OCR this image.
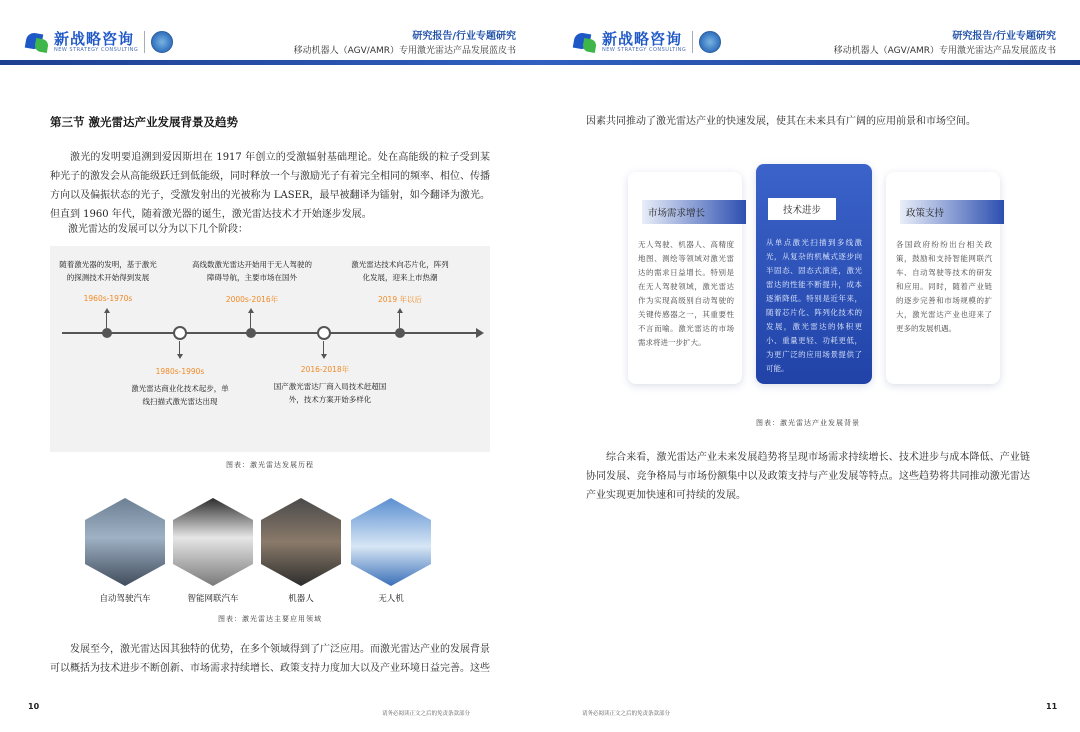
新战略咨询
NEW STRATEGY CONSULTING
研究报告/行业专题研究
移动机器人（AGV/AMR）专用激光雷达产品发展蓝皮书
新战略咨询
NEW STRATEGY CONSULTING
研究报告/行业专题研究
移动机器人（AGV/AMR）专用激光雷达产品发展蓝皮书
第三节 激光雷达产业发展背景及趋势
激光的发明要追溯到爱因斯坦在 1917 年创立的受激辐射基础理论。处在高能级的粒子受到某种光子的激发会从高能级跃迁到低能级，同时释放一个与激励光子有着完全相同的频率、相位、传播方向以及偏振状态的光子，受激发射出的光被称为 LASER，最早被翻译为镭射，如今翻译为激光。但直到 1960 年代，随着激光器的诞生，激光雷达技术才开始逐步发展。
激光雷达的发展可以分为以下几个阶段：
随着激光器的发明，基于激光的探测技术开始得到发展
1960s-1970s
1980s-1990s
激光雷达商业化技术起步，单线扫描式激光雷达出现
高线数激光雷达开始用于无人驾驶的障碍导航，主要市场在国外
2000s-2016年
2016-2018年
国产激光雷达厂商入局技术赶超国外，技术方案开始多样化
激光雷达技术向芯片化，阵列化发展，迎来上市热潮
2019 年以后
图表：激光雷达发展历程
自动驾驶汽车	智能网联汽车	机器人	无人机
图表：激光雷达主要应用领域
发展至今，激光雷达因其独特的优势，在多个领域得到了广泛应用。而激光雷达产业的发展背景可以概括为技术进步不断创新、市场需求持续增长、政策支持力度加大以及产业环境日益完善。这些
10
请务必阅读正文之后的免责条款部分
因素共同推动了激光雷达产业的快速发展，使其在未来具有广阔的应用前景和市场空间。
市场需求增长
无人驾驶、机器人、高精度地图、测绘等领域对激光雷达的需求日益增长。特别是在无人驾驶领域，激光雷达作为实现高级别自动驾驶的关键传感器之一，其重要性不言而喻。激光雷达的市场需求将进一步扩大。
技术进步
从单点激光扫描到多线激光，从复杂的机械式逐步向半固态、固态式演进，激光雷达的性能不断提升，成本逐渐降低。特别是近年来，随着芯片化、阵列化技术的发展，激光雷达的体积更小、重量更轻、功耗更低，为更广泛的应用场景提供了可能。
政策支持
各国政府纷纷出台相关政策，鼓励和支持智能网联汽车、自动驾驶等技术的研发和应用。同时，随着产业链的逐步完善和市场规模的扩大，激光雷达产业也迎来了更多的发展机遇。
图表：激光雷达产业发展背景
综合来看，激光雷达产业未来发展趋势将呈现市场需求持续增长、技术进步与成本降低、产业链协同发展、竞争格局与市场份额集中以及政策支持与产业发展等特点。这些趋势将共同推动激光雷达产业实现更加快速和可持续的发展。
11
请务必阅读正文之后的免责条款部分
